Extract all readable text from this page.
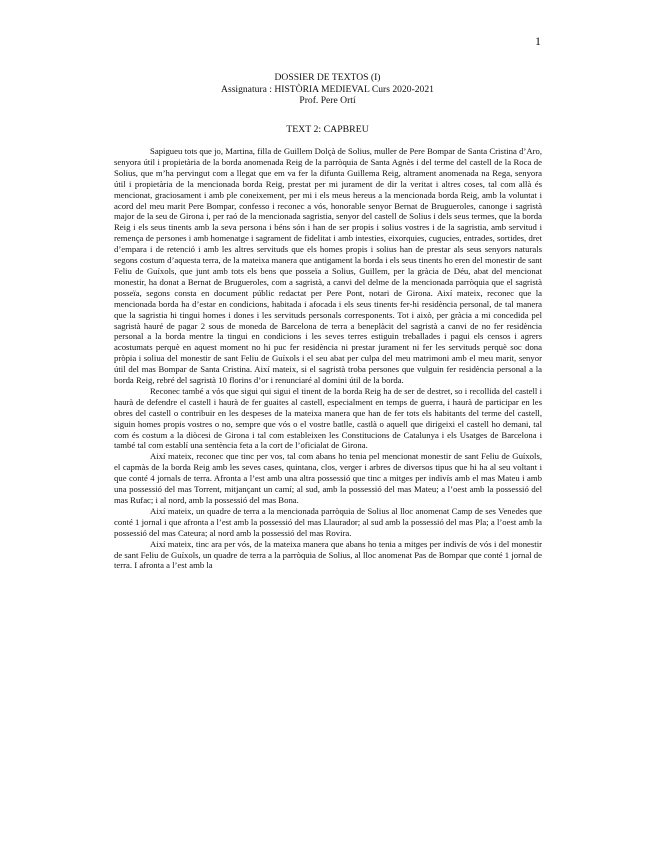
1
DOSSIER DE TEXTOS (I)
Assignatura : HISTÒRIA MEDIEVAL Curs 2020-2021
Prof. Pere Ortí
TEXT 2: CAPBREU

Sapigueu tots que jo, Martina, filla de Guillem Dolçà de Solius, muller de Pere Bompar de Santa Cristina d’Aro, senyora útil i propietària de la borda anomenada Reig de la parròquia de Santa Agnès i del terme del castell de la Roca de Solius, que m’ha pervingut com a llegat que em va fer la difunta Guillema Reig, altrament anomenada na Rega, senyora útil i propietària de la mencionada borda Reig, prestat per mi jurament de dir la veritat i altres coses, tal com allà és mencionat, graciosament i amb ple coneixement, per mi i els meus hereus a la mencionada borda Reig, amb la voluntat i acord del meu marit Pere Bompar, confesso i reconec a vós, honorable senyor Bernat de Brugueroles, canonge i sagristà major de la seu de Girona i, per raó de la mencionada sagristia, senyor del castell de Solius i dels seus termes, que la borda Reig i els seus tinents amb la seva persona i béns són i han de ser propis i solius vostres i de la sagristia, amb servitud i remença de persones i amb homenatge i sagrament de fidelitat i amb intesties, eixorquies, cugucies, entrades, sortides, dret d’empara i de retenció i amb les altres servituds que els homes propis i solius han de prestar als seus senyors naturals segons costum d’aquesta terra, de la mateixa manera que antigament la borda i els seus tinents ho eren del monestir de sant Feliu de Guíxols, que junt amb tots els bens que posseïa a Solius, Guillem, per la gràcia de Déu, abat del mencionat monestir, ha donat a Bernat de Brugueroles, com a sagristà, a canvi del delme de la mencionada parròquia que el sagristà posseïa, segons consta en document públic redactat per Pere Pont, notari de Girona. Així mateix, reconec que la mencionada borda ha d’estar en condicions, habitada i afocada i els seus tinents fer-hi residència personal, de tal manera que la sagristia hi tingui homes i dones i les servituds personals corresponents. Tot i això, per gràcia a mi concedida pel sagristà hauré de pagar 2 sous de moneda de Barcelona de terra a beneplàcit del sagristà a canvi de no fer residència personal a la borda mentre la tingui en condicions i les seves terres estiguin treballades i pagui els censos i agrers acostumats perquè en aquest moment no hi puc fer residència ni prestar jurament ni fer les servituds perquè soc dona pròpia i soliua del monestir de sant Feliu de Guíxols i el seu abat per culpa del meu matrimoni amb el meu marit, senyor útil del mas Bompar de Santa Cristina. Així mateix, si el sagristà troba persones que vulguin fer residència personal a la borda Reig, rebré del sagristà 10 florins d’or i renunciaré al domini útil de la borda.

Reconec també a vós que sigui qui sigui el tinent de la borda Reig ha de ser de destret, so i recollida del castell i haurà de defendre el castell i haurà de fer guaites al castell, especialment en temps de guerra, i haurà de participar en les obres del castell o contribuir en les despeses de la mateixa manera que han de fer tots els habitants del terme del castell, siguin homes propis vostres o no, sempre que vós o el vostre batlle, castlà o aquell que dirigeixi el castell ho demani, tal com és costum a la diòcesi de Girona i tal com estableixen les Constitucions de Catalunya i els Usatges de Barcelona i també tal com establí una sentència feta a la cort de l’oficialat de Girona.

Així mateix, reconec que tinc per vos, tal com abans ho tenia pel mencionat monestir de sant Feliu de Guíxols, el capmàs de la borda Reig amb les seves cases, quintana, clos, verger i arbres de diversos tipus que hi ha al seu voltant i que conté 4 jornals de terra. Afronta a l’est amb una altra possessió que tinc a mitges per indivís amb el mas Mateu i amb una possessió del mas Torrent, mitjançant un camí; al sud, amb la possessió del mas Mateu; a l’oest amb la possessió del mas Rufac; i al nord, amb la possessió del mas Bona.

Així mateix, un quadre de terra a la mencionada parròquia de Solius al lloc anomenat Camp de ses Venedes que conté 1 jornal i que afronta a l’est amb la possessió del mas Llaurador; al sud amb la possessió del mas Pla; a l’oest amb la possessió del mas Cateura; al nord amb la possessió del mas Rovira.

Així mateix, tinc ara per vós, de la mateixa manera que abans ho tenia a mitges per indivís de vós i del monestir de sant Feliu de Guíxols, un quadre de terra a la parròquia de Solius, al lloc anomenat Pas de Bompar que conté 1 jornal de terra. I afronta a l’est amb la
